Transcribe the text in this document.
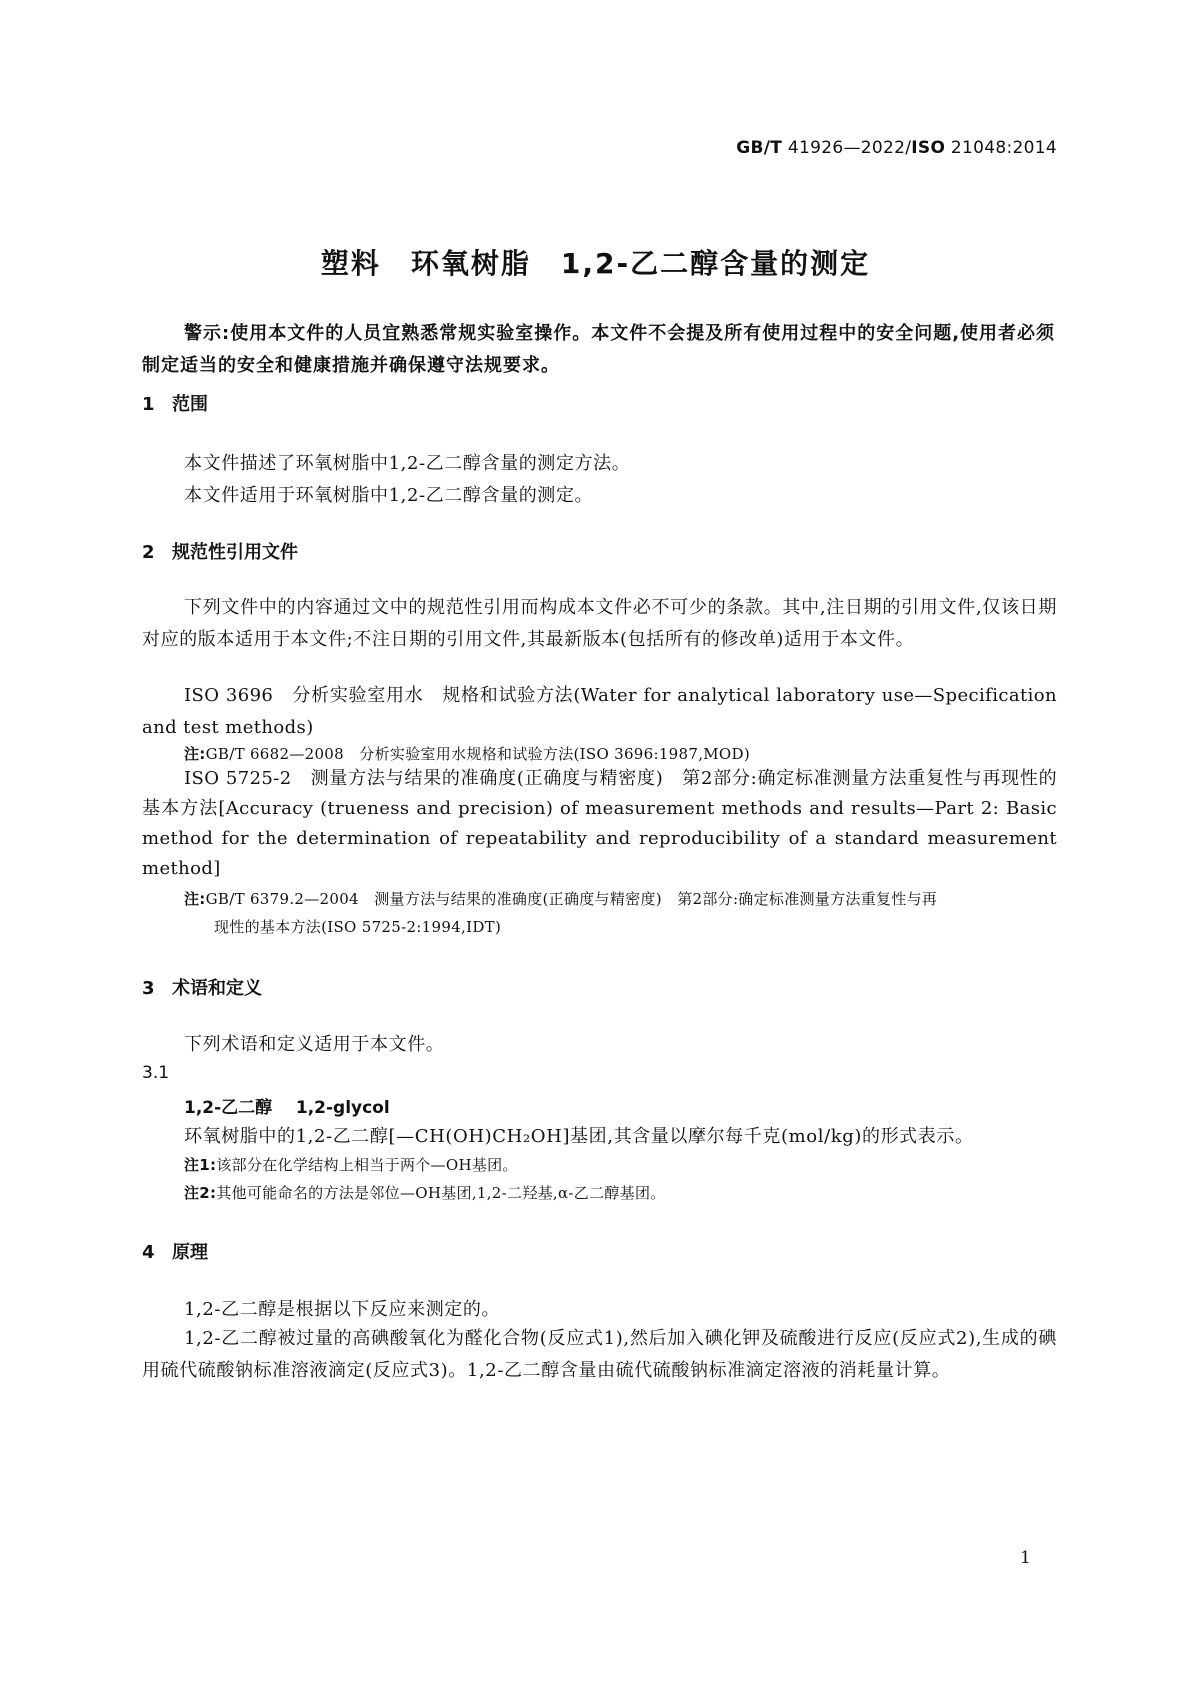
GB/T 41926—2022/ISO 21048:2014
塑料　环氧树脂　1,2-乙二醇含量的测定
警示:使用本文件的人员宜熟悉常规实验室操作。本文件不会提及所有使用过程中的安全问题,使用者必须制定适当的安全和健康措施并确保遵守法规要求。
1 范围
本文件描述了环氧树脂中1,2-乙二醇含量的测定方法。
本文件适用于环氧树脂中1,2-乙二醇含量的测定。
2 规范性引用文件
下列文件中的内容通过文中的规范性引用而构成本文件必不可少的条款。其中,注日期的引用文件,仅该日期对应的版本适用于本文件;不注日期的引用文件,其最新版本(包括所有的修改单)适用于本文件。
ISO 3696　分析实验室用水　规格和试验方法(Water for analytical laboratory use—Specification and test methods)
注:GB/T 6682—2008　分析实验室用水规格和试验方法(ISO 3696:1987,MOD)
ISO 5725-2　测量方法与结果的准确度(正确度与精密度)　第2部分:确定标准测量方法重复性与再现性的基本方法[Accuracy (trueness and precision) of measurement methods and results—Part 2: Basic method for the determination of repeatability and reproducibility of a standard measurement method]
注:GB/T 6379.2—2004　测量方法与结果的准确度(正确度与精密度)　第2部分:确定标准测量方法重复性与再
现性的基本方法(ISO 5725-2:1994,IDT)
3 术语和定义
下列术语和定义适用于本文件。
3.1
1,2-乙二醇 1,2-glycol
环氧树脂中的1,2-乙二醇[—CH(OH)CH₂OH]基团,其含量以摩尔每千克(mol/kg)的形式表示。
注1:该部分在化学结构上相当于两个—OH基团。
注2:其他可能命名的方法是邻位—OH基团,1,2-二羟基,α-乙二醇基团。
4 原理
1,2-乙二醇是根据以下反应来测定的。
1,2-乙二醇被过量的高碘酸氧化为醛化合物(反应式1),然后加入碘化钾及硫酸进行反应(反应式2),生成的碘用硫代硫酸钠标准溶液滴定(反应式3)。1,2-乙二醇含量由硫代硫酸钠标准滴定溶液的消耗量计算。
1
